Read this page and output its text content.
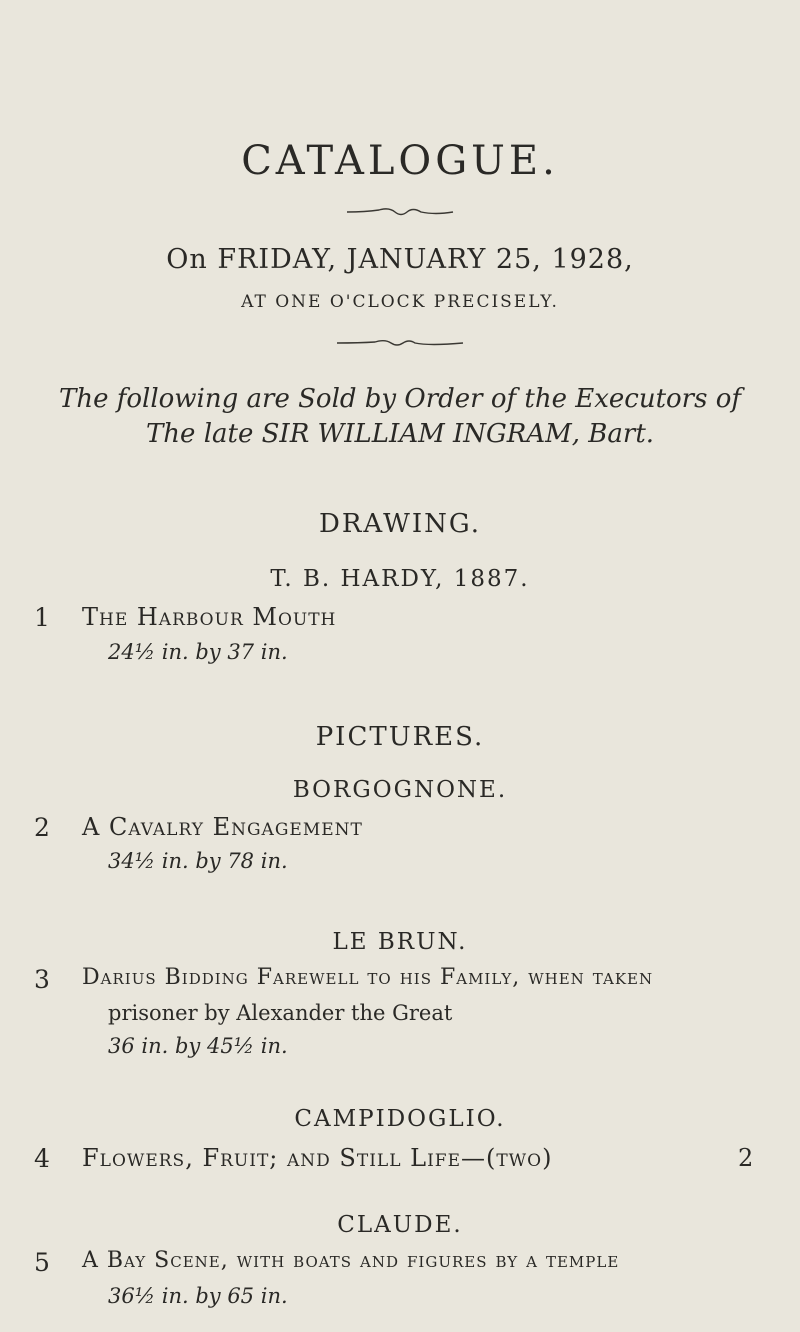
CATALOGUE.
On FRIDAY, JANUARY 25, 1928,
AT ONE O'CLOCK PRECISELY.
The following are Sold by Order of the Executors of
The late SIR WILLIAM INGRAM, Bart.
DRAWING.
T. B. HARDY, 1887.
1 The Harbour Mouth
24½ in. by 37 in.
PICTURES.
BORGOGNONE.
2 A Cavalry Engagement
34½ in. by 78 in.
LE BRUN.
3 Darius Bidding Farewell to his Family, when taken
prisoner by Alexander the Great
36 in. by 45½ in.
CAMPIDOGLIO.
4 Flowers, Fruit; and Still Life—(two)	2
CLAUDE.
5 A Bay Scene, with boats and figures by a temple
36½ in. by 65 in.
